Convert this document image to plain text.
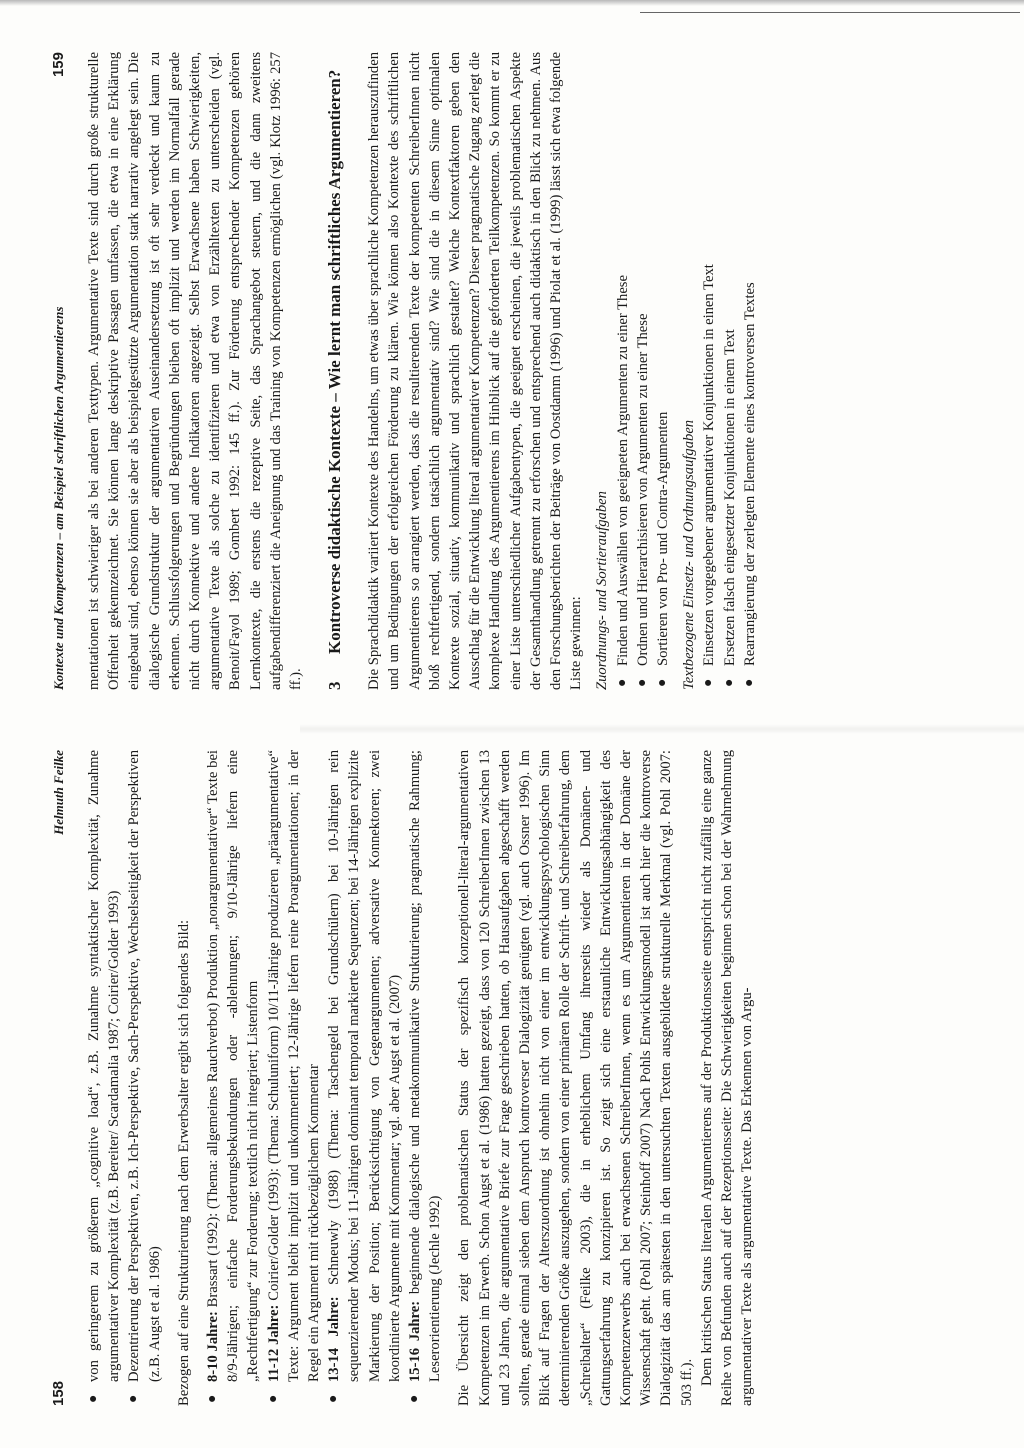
158
Helmuth Feilke
●
von geringerem zu größerem „cognitive load“, z.B. Zunahme syntaktischer Komplexität, Zunahme argumentativer Komplexität (z.B. Bereiter/ Scardamalia 1987; Coirier/Golder 1993)
●
Dezentrierung der Perspektiven, z.B. Ich-Perspektive, Sach-Perspektive, Wechselseitigkeit der Perspektiven (z.B. Augst et al. 1986) Bezogen auf eine Strukturierung nach dem Erwerbsalter ergibt sich folgendes Bild: ●
8-10 Jahre: Brassart (1992): (Thema: allgemeines Rauchverbot) Produktion „nonargumentativer“ Texte bei 8/9-Jährigen; einfache Forderungsbekundungen oder -ablehnungen; 9/10-Jährige liefern eine „Rechtfertigung“ zur Forderung; textlich nicht integriert; Listenform
●
11-12 Jahre: Coirier/Golder (1993): (Thema: Schuluniform) 10/11-Jährige produzieren „präargumentative“ Texte: Argument bleibt implizit und unkommentiert; 12-Jährige liefern reine Proargumentationen; in der Regel ein Argument mit rückbezüglichem Kommentar
●
13-14 Jahre: Schneuwly (1988) (Thema: Taschengeld bei Grundschülern) bei 10-Jährigen rein sequenzierender Modus; bei 11-Jährigen dominant temporal markierte Sequenzen; bei 14-Jährigen explizite Markierung der Position; Berücksichtigung von Gegenargumenten; adversative Konnektoren; zwei koordinierte Argumente mit Kommentar; vgl. aber Augst et al. (2007)
●
15-16 Jahre: beginnende dialogische und metakommunikative Strukturierung; pragmatische Rahmung; Leserorientierung (Jechle 1992) Die Übersicht zeigt den problematischen Status der spezifisch konzeptionell-literal-argumentativen Kompetenzen im Erwerb. Schon Augst et al. (1986) hatten gezeigt, dass von 120 SchreiberInnen zwischen 13 und 23 Jahren, die argumentative Briefe zur Frage geschrieben hatten, ob Hausaufgaben abgeschafft werden sollten, gerade einmal sieben dem Anspruch kontroverser Dialogizität genügten (vgl. auch Ossner 1996). Im Blick auf Fragen der Alterszuordnung ist ohnehin nicht von einer im entwicklungspsychologischen Sinn determinierenden Größe auszugehen, sondern von einer primären Rolle der Schrift- und Schreiberfahrung, dem „Schreibalter“ (Feilke 2003), die in erheblichem Umfang ihrerseits wieder als Domänen- und Gattungserfahrung zu konzipieren ist. So zeigt sich eine erstaunliche Entwicklungsabhängigkeit des Kompetenzerwerbs auch bei erwachsenen SchreiberInnen, wenn es um Argumentieren in der Domäne der Wissenschaft geht. (Pohl 2007; Steinhoff 2007) Nach Pohls Entwicklungsmodell ist auch hier die kontroverse Dialogizität das am spätesten in den untersuchten Texten ausgebildete strukturelle Merkmal (vgl. Pohl 2007: 503 ff.). Dem kritischen Status literalen Argumentierens auf der Produktionsseite entspricht nicht zufällig eine ganze Reihe von Befunden auch auf der Rezeptionsseite: Die Schwierigkeiten beginnen schon bei der Wahrnehmung argumentativer Texte als argumentative Texte. Das Erkennen von Argu-

Kontexte und Kompetenzen – am Beispiel schriftlichen Argumentierens
159 mentationen ist schwieriger als bei anderen Texttypen. Argumentative Texte sind durch große strukturelle Offenheit gekennzeichnet. Sie können lange deskriptive Passagen umfassen, die etwa in eine Erklärung eingebaut sind, ebenso können sie aber als beispielgestützte Argumentation stark narrativ angelegt sein. Die dialogische Grundstruktur der argumentativen Auseinandersetzung ist oft sehr verdeckt und kaum zu erkennen. Schlussfolgerungen und Begründungen bleiben oft implizit und werden im Normalfall gerade nicht durch Konnektive und andere Indikatoren angezeigt. Selbst Erwachsene haben Schwierigkeiten, argumentative Texte als solche zu identifizieren und etwa von Erzähltexten zu unterscheiden (vgl. Benoit/Fayol 1989; Gombert 1992: 145 ff.). Zur Förderung entsprechender Kompetenzen gehören Lernkontexte, die erstens die rezeptive Seite, das Sprachangebot steuern, und die dann zweitens aufgabendifferenziert die Aneignung und das Training von Kompetenzen ermöglichen (vgl. Klotz 1996: 257 ff.). 3
Kontroverse didaktische Kontexte – Wie lernt man schriftliches Argumentieren? Die Sprachdidaktik variiert Kontexte des Handelns, um etwas über sprachliche Kompetenzen herauszufinden und um Bedingungen der erfolgreichen Förderung zu klären. Wie können also Kontexte des schriftlichen Argumentierens so arrangiert werden, dass die resultierenden Texte der kompetenten SchreiberInnen nicht bloß rechtfertigend, sondern tatsächlich argumentativ sind? Wie sind die in diesem Sinne optimalen Kontexte sozial, situativ, kommunikativ und sprachlich gestaltet? Welche Kontextfaktoren geben den Ausschlag für die Entwicklung literal argumentativer Kompetenzen? Dieser pragmatische Zugang zerlegt die komplexe Handlung des Argumentierens im Hinblick auf die geforderten Teilkompetenzen. So kommt er zu einer Liste unterschiedlicher Aufgabentypen, die geeignet erscheinen, die jeweils problematischen Aspekte der Gesamthandlung getrennt zu erforschen und entsprechend auch didaktisch in den Blick zu nehmen. Aus den Forschungsberichten der Beiträge von Oostdamm (1996) und Piolat et al. (1999) lässt sich etwa folgende Liste gewinnen: Zuordnungs- und Sortieraufgaben ●
Finden und Auswählen von geeigneten Argumenten zu einer These
●
Ordnen und Hierarchisieren von Argumenten zu einer These
●
Sortieren von Pro- und Contra-Argumenten Textbezogene Einsetz- und Ordnungsaufgaben ●
Einsetzen vorgegebener argumentativer Konjunktionen in einen Text
●
Ersetzen falsch eingesetzter Konjunktionen in einem Text
●
Rearrangierung der zerlegten Elemente eines kontroversen Textes
